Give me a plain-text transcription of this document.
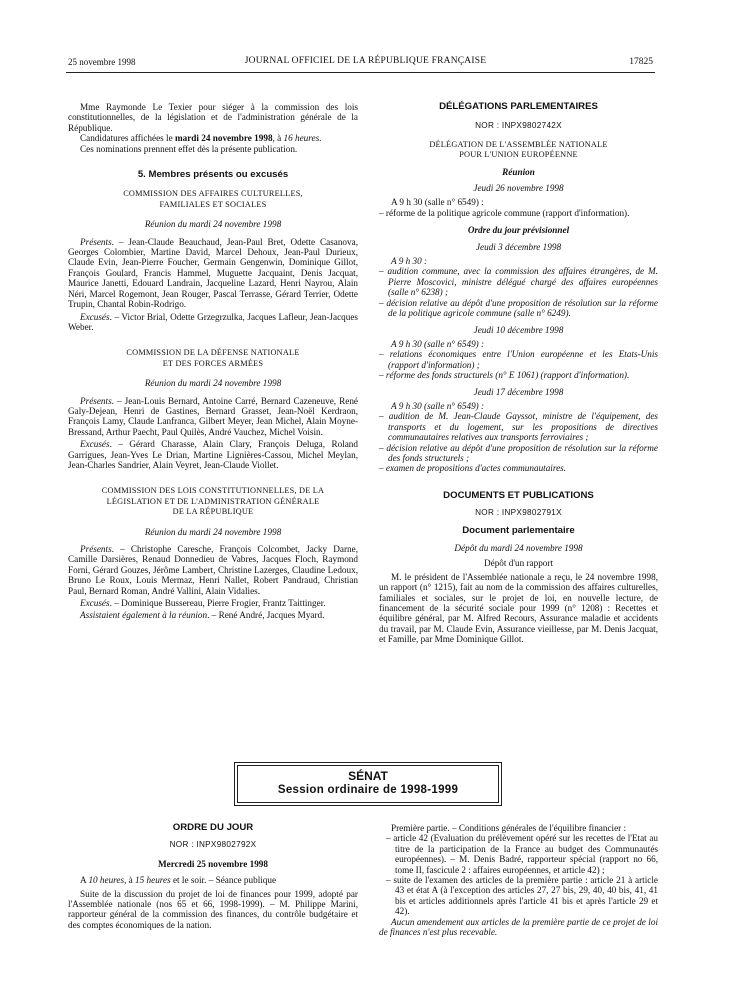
25 novembre 1998	JOURNAL OFFICIEL DE LA RÉPUBLIQUE FRANÇAISE	17825

Mme Raymonde Le Texier pour siéger à la commission des lois constitutionnelles, de la législation et de l'administration générale de la République.

Candidatures affichées le mardi 24 novembre 1998, à 16 heures.

Ces nominations prennent effet dès la présente publication.

5. Membres présents ou excusés

COMMISSION DES AFFAIRES CULTURELLES,

FAMILIALES ET SOCIALES

Réunion du mardi 24 novembre 1998

Présents. – Jean-Claude Beauchaud, Jean-Paul Bret, Odette Casanova, Georges Colombier, Martine David, Marcel Dehoux, Jean-Paul Durieux, Claude Evin, Jean-Pierre Foucher, Germain Gengenwin, Dominique Gillot, François Goulard, Francis Hammel, Muguette Jacquaint, Denis Jacquat, Maurice Janetti, Edouard Landrain, Jacqueline Lazard, Henri Nayrou, Alain Néri, Marcel Rogemont, Jean Rouger, Pascal Terrasse, Gérard Terrier, Odette Trupin, Chantal Robin-Rodrigo.

Excusés. – Victor Brial, Odette Grzegrzulka, Jacques Lafleur, Jean-Jacques Weber.

COMMISSION DE LA DÉFENSE NATIONALE

ET DES FORCES ARMÉES

Réunion du mardi 24 novembre 1998

Présents. – Jean-Louis Bernard, Antoine Carré, Bernard Cazeneuve, René Galy-Dejean, Henri de Gastines, Bernard Grasset, Jean-Noël Kerdraon, François Lamy, Claude Lanfranca, Gilbert Meyer, Jean Michel, Alain Moyne-Bressand, Arthur Paecht, Paul Quilès, André Vauchez, Michel Voisin.

Excusés. – Gérard Charasse, Alain Clary, François Deluga, Roland Garrigues, Jean-Yves Le Drian, Martine Lignières-Cassou, Michel Meylan, Jean-Charles Sandrier, Alain Veyret, Jean-Claude Viollet.

COMMISSION DES LOIS CONSTITUTIONNELLES, DE LA

LÉGISLATION ET DE L'ADMINISTRATION GÉNÉRALE

DE LA RÉPUBLIQUE

Réunion du mardi 24 novembre 1998

Présents. – Christophe Caresche, François Colcombet, Jacky Darne, Camille Darsières, Renaud Donnedieu de Vabres, Jacques Floch, Raymond Forni, Gérard Gouzes, Jérôme Lambert, Christine Lazerges, Claudine Ledoux, Bruno Le Roux, Louis Mermaz, Henri Nallet, Robert Pandraud, Christian Paul, Bernard Roman, André Vallini, Alain Vidalies.

Excusés. – Dominique Bussereau, Pierre Frogier, Frantz Taittinger.

Assistaient également à la réunion. – René André, Jacques Myard.

DÉLÉGATIONS PARLEMENTAIRES

NOR : INPX9802742X

DÉLÉGATION DE L'ASSEMBLÉE NATIONALE

POUR L'UNION EUROPÉENNE

Réunion

Jeudi 26 novembre 1998

A 9 h 30 (salle n° 6549) :

– réforme de la politique agricole commune (rapport d'information).

Ordre du jour prévisionnel

Jeudi 3 décembre 1998

A 9 h 30 :

– audition commune, avec la commission des affaires étrangères, de M. Pierre Moscovici, ministre délégué chargé des affaires européennes (salle n° 6238) ;

– décision relative au dépôt d'une proposition de résolution sur la réforme de la politique agricole commune (salle n° 6249).

Jeudi 10 décembre 1998

A 9 h 30 (salle n° 6549) :

– relations économiques entre l'Union européenne et les Etats-Unis (rapport d'information) ;

– réforme des fonds structurels (n° E 1061) (rapport d'information).

Jeudi 17 décembre 1998

A 9 h 30 (salle n° 6549) :

– audition de M. Jean-Claude Gayssot, ministre de l'équipement, des transports et du logement, sur les propositions de directives communautaires relatives aux transports ferroviaires ;

– décision relative au dépôt d'une proposition de résolution sur la réforme des fonds structurels ;

– examen de propositions d'actes communautaires.

DOCUMENTS ET PUBLICATIONS

NOR : INPX9802791X

Document parlementaire

Dépôt du mardi 24 novembre 1998

Dépôt d'un rapport

M. le président de l'Assemblée nationale a reçu, le 24 novembre 1998, un rapport (n° 1215), fait au nom de la commission des affaires culturelles, familiales et sociales, sur le projet de loi, en nouvelle lecture, de financement de la sécurité sociale pour 1999 (n° 1208) : Recettes et équilibre général, par M. Alfred Recours, Assurance maladie et accidents du travail, par M. Claude Evin, Assurance vieillesse, par M. Denis Jacquat, et Famille, par Mme Dominique Gillot.

SÉNAT
Session ordinaire de 1998-1999

ORDRE DU JOUR

NOR : INPX9802792X

Mercredi 25 novembre 1998

A 10 heures, à 15 heures et le soir. – Séance publique

Suite de la discussion du projet de loi de finances pour 1999, adopté par l'Assemblée nationale (nos 65 et 66, 1998-1999). – M. Philippe Marini, rapporteur général de la commission des finances, du contrôle budgétaire et des comptes économiques de la nation.

Première partie. – Conditions générales de l'équilibre financier :

– article 42 (Evaluation du prélèvement opéré sur les recettes de l'Etat au titre de la participation de la France au budget des Communautés européennes). – M. Denis Badré, rapporteur spécial (rapport no 66, tome II, fascicule 2 : affaires européennes, et article 42) ;

– suite de l'examen des articles de la première partie : article 21 à article 43 et état A (à l'exception des articles 27, 27 bis, 29, 40, 40 bis, 41, 41 bis et articles additionnels après l'article 41 bis et après l'article 29 et 42).

Aucun amendement aux articles de la première partie de ce projet de loi de finances n'est plus recevable.
